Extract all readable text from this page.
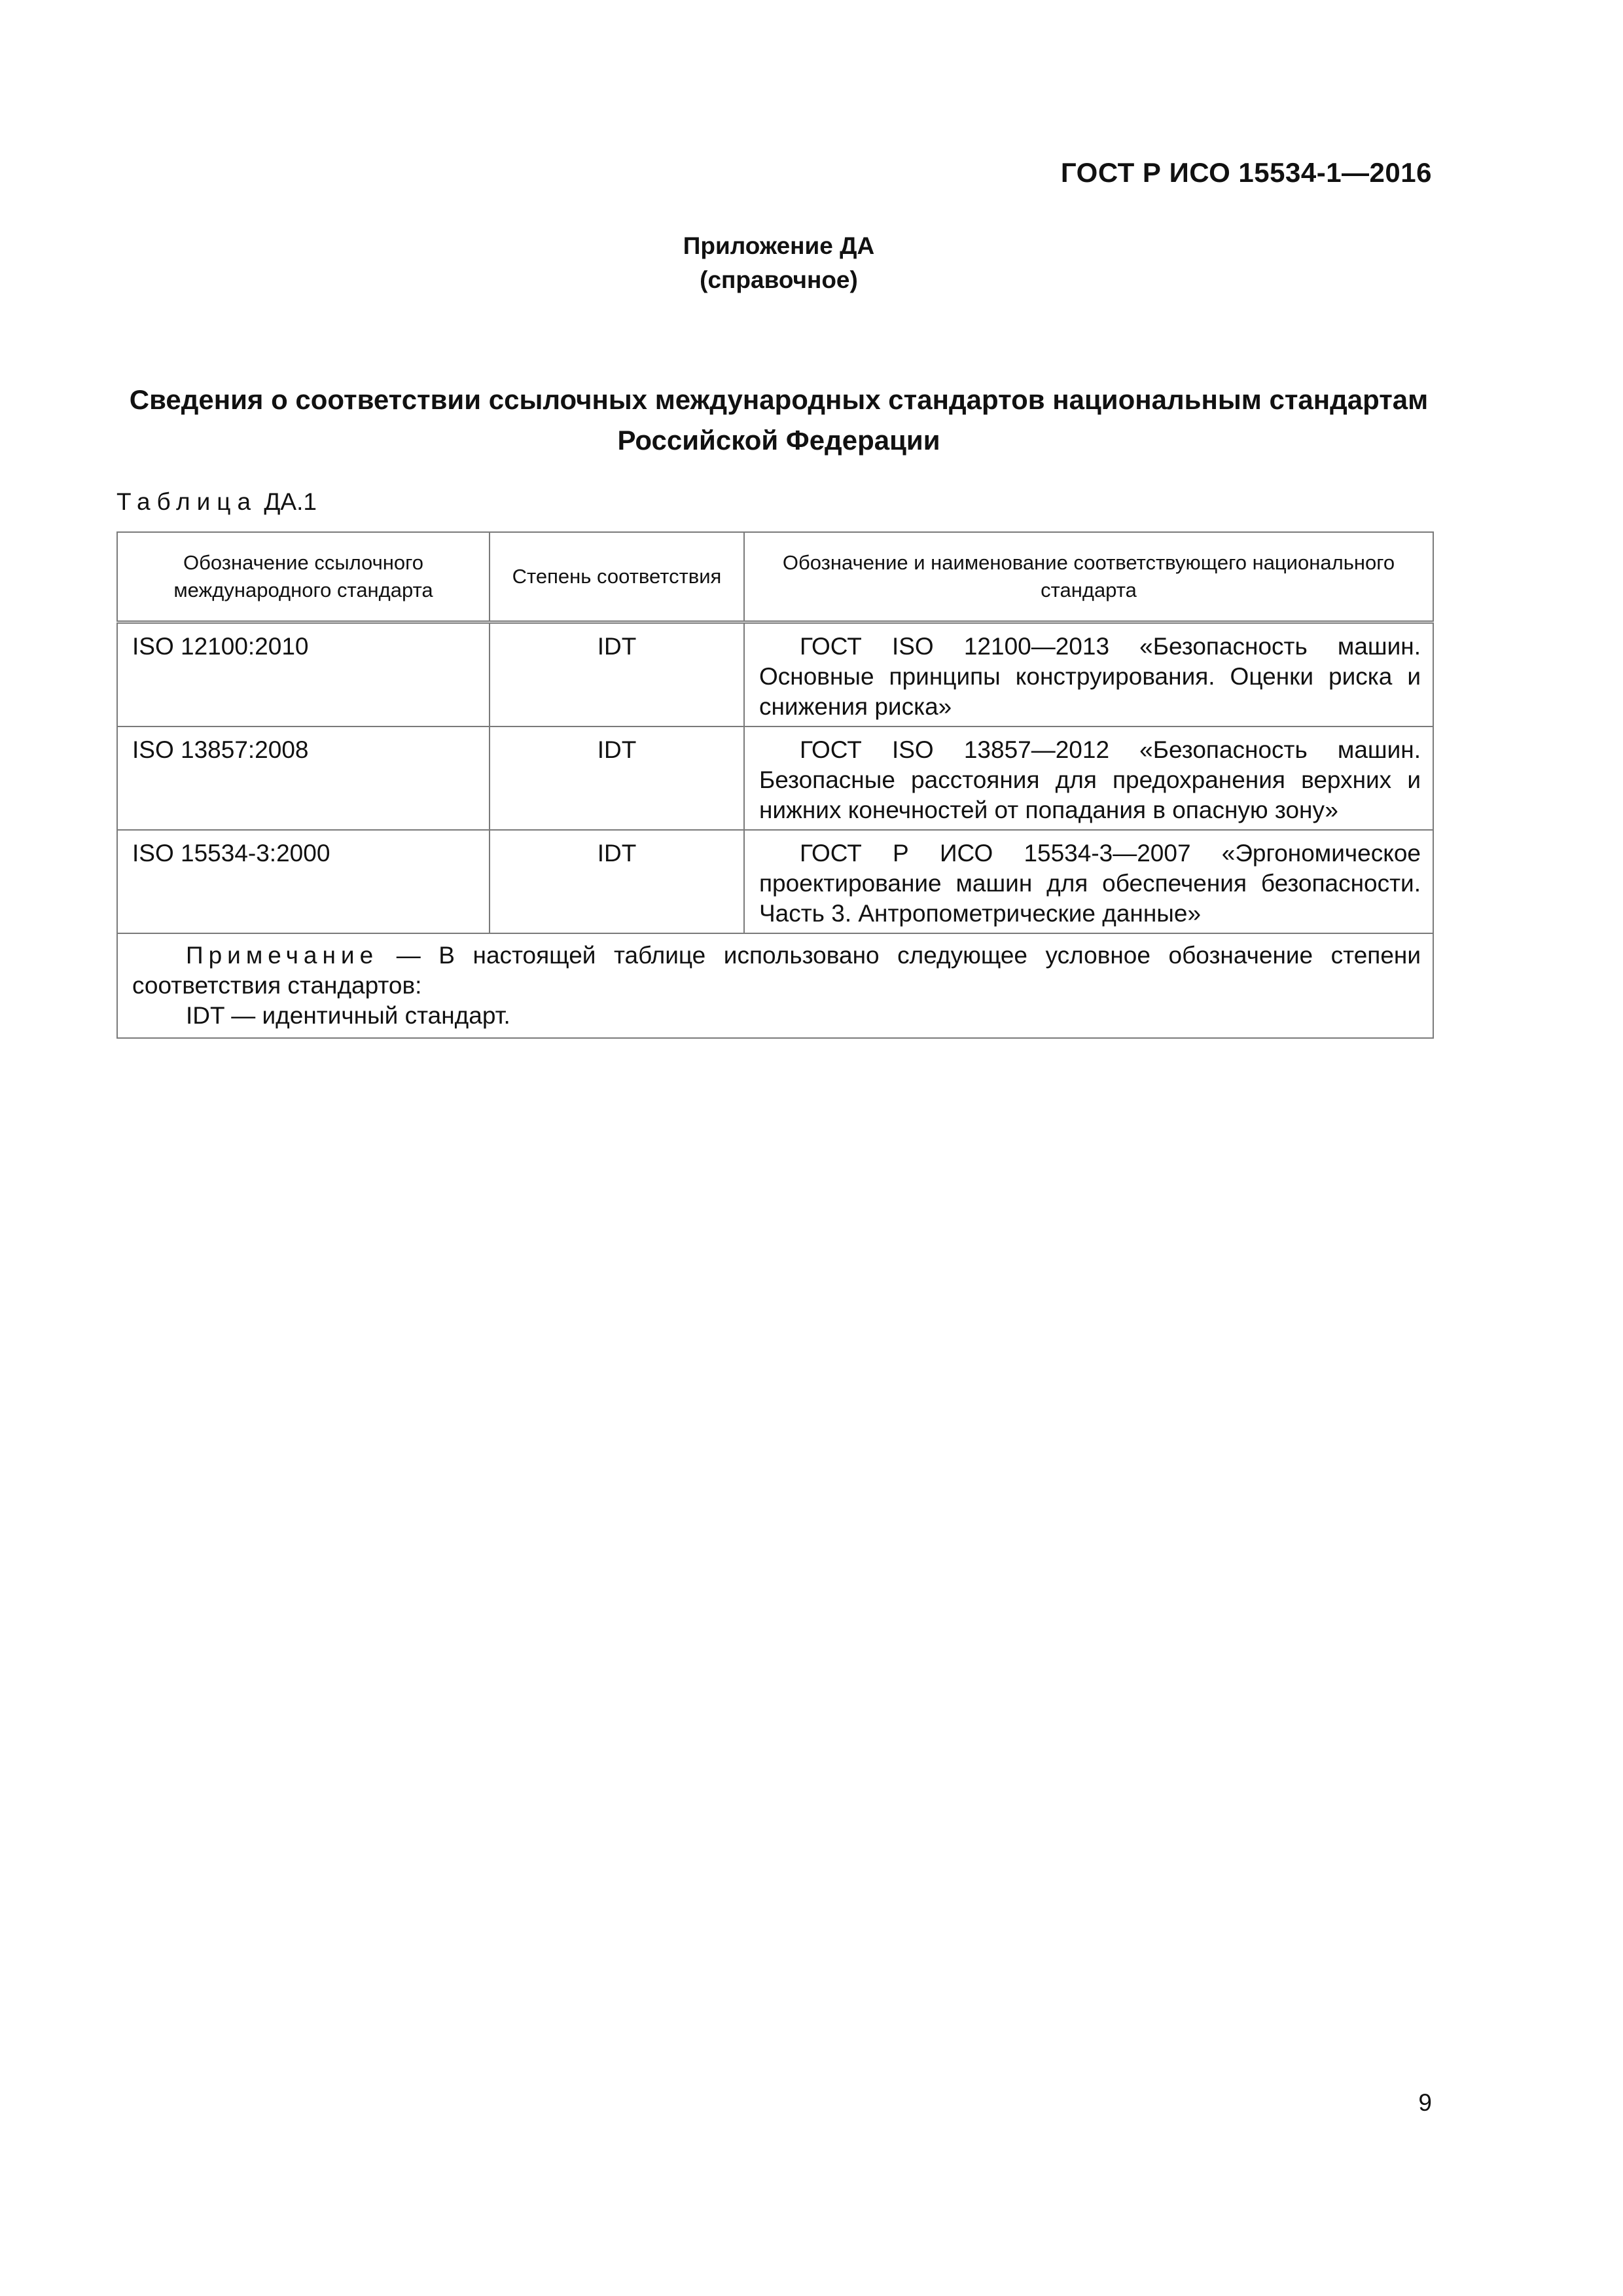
ГОСТ Р ИСО 15534-1—2016
Приложение ДА
(справочное)
Сведения о соответствии ссылочных международных стандартов национальным стандартам
Российской Федерации
Таблица ДА.1
Обозначение ссылочного международного стандарта	Степень соответствия	Обозначение и наименование соответствующего национального стандарта
ISO 12100:2010	IDT	ГОСТ ISO 12100—2013 «Безопасность машин. Основные принципы конструирования. Оценки риска и снижения риска»
ISO 13857:2008	IDT	ГОСТ ISO 13857—2012 «Безопасность машин. Безопасные расстояния для предохранения верхних и нижних конечностей от попадания в опасную зону»
ISO 15534-3:2000	IDT	ГОСТ Р ИСО 15534-3—2007 «Эргономическое проектирование машин для обеспечения безопасности. Часть 3. Антропометрические данные»

Примечание — В настоящей таблице использовано следующее условное обозначение степени соответствия стандартов:
IDT — идентичный стандарт.		
9
